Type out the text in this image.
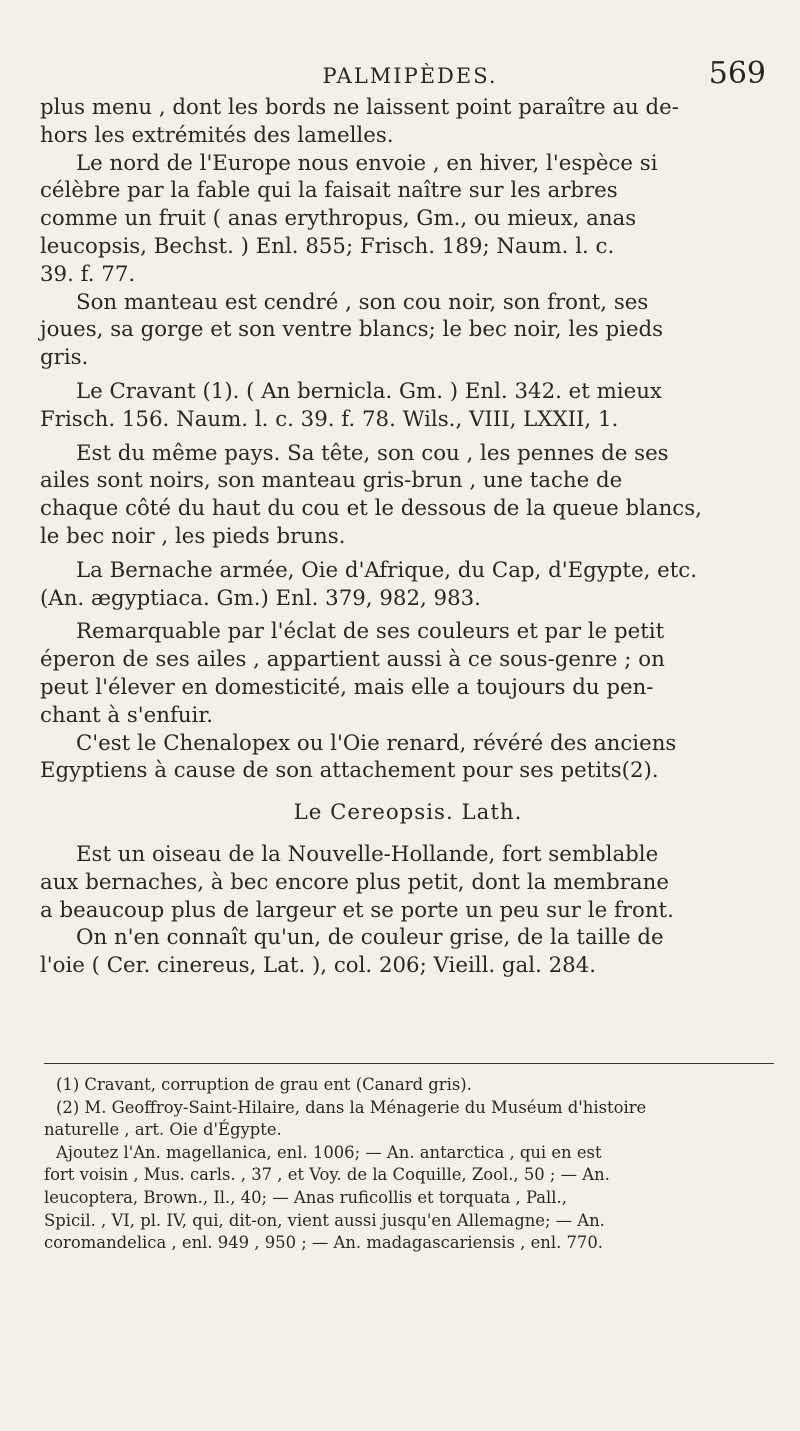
PALMIPÈDES.	569

plus menu , dont les bords ne laissent point paraître au de-

hors les extrémités des lamelles.

Le nord de l'Europe nous envoie , en hiver, l'espèce si

célèbre par la fable qui la faisait naître sur les arbres

comme un fruit ( anas erythropus, Gm., ou mieux, anas

leucopsis, Bechst. ) Enl. 855; Frisch. 189; Naum. l. c.

39. f. 77.

Son manteau est cendré , son cou noir, son front, ses

joues, sa gorge et son ventre blancs; le bec noir, les pieds

gris.

Le Cravant (1). ( An bernicla. Gm. ) Enl. 342. et mieux

Frisch. 156. Naum. l. c. 39. f. 78. Wils., VIII, LXXII, 1.

Est du même pays. Sa tête, son cou , les pennes de ses

ailes sont noirs, son manteau gris-brun , une tache de

chaque côté du haut du cou et le dessous de la queue blancs,

le bec noir , les pieds bruns.

La Bernache armée, Oie d'Afrique, du Cap, d'Egypte, etc.

(An. ægyptiaca. Gm.) Enl. 379, 982, 983.

Remarquable par l'éclat de ses couleurs et par le petit

éperon de ses ailes , appartient aussi à ce sous-genre ; on

peut l'élever en domesticité, mais elle a toujours du pen-

chant à s'enfuir.

C'est le Chenalopex ou l'Oie renard, révéré des anciens

Egyptiens à cause de son attachement pour ses petits(2).

Le Cereopsis. Lath.

Est un oiseau de la Nouvelle-Hollande, fort semblable

aux bernaches, à bec encore plus petit, dont la membrane

a beaucoup plus de largeur et se porte un peu sur le front.

On n'en connaît qu'un, de couleur grise, de la taille de

l'oie ( Cer. cinereus, Lat. ), col. 206; Vieill. gal. 284.

(1) Cravant, corruption de grau ent (Canard gris).

(2) M. Geoffroy-Saint-Hilaire, dans la Ménagerie du Muséum d'histoire

naturelle , art. Oie d'Égypte.

Ajoutez l'An. magellanica, enl. 1006; — An. antarctica , qui en est

fort voisin , Mus. carls. , 37 , et Voy. de la Coquille, Zool., 50 ; — An.

leucoptera, Brown., Il., 40; — Anas ruficollis et torquata , Pall.,

Spicil. , VI, pl. IV, qui, dit-on, vient aussi jusqu'en Allemagne; — An.

coromandelica , enl. 949 , 950 ; — An. madagascariensis , enl. 770.
